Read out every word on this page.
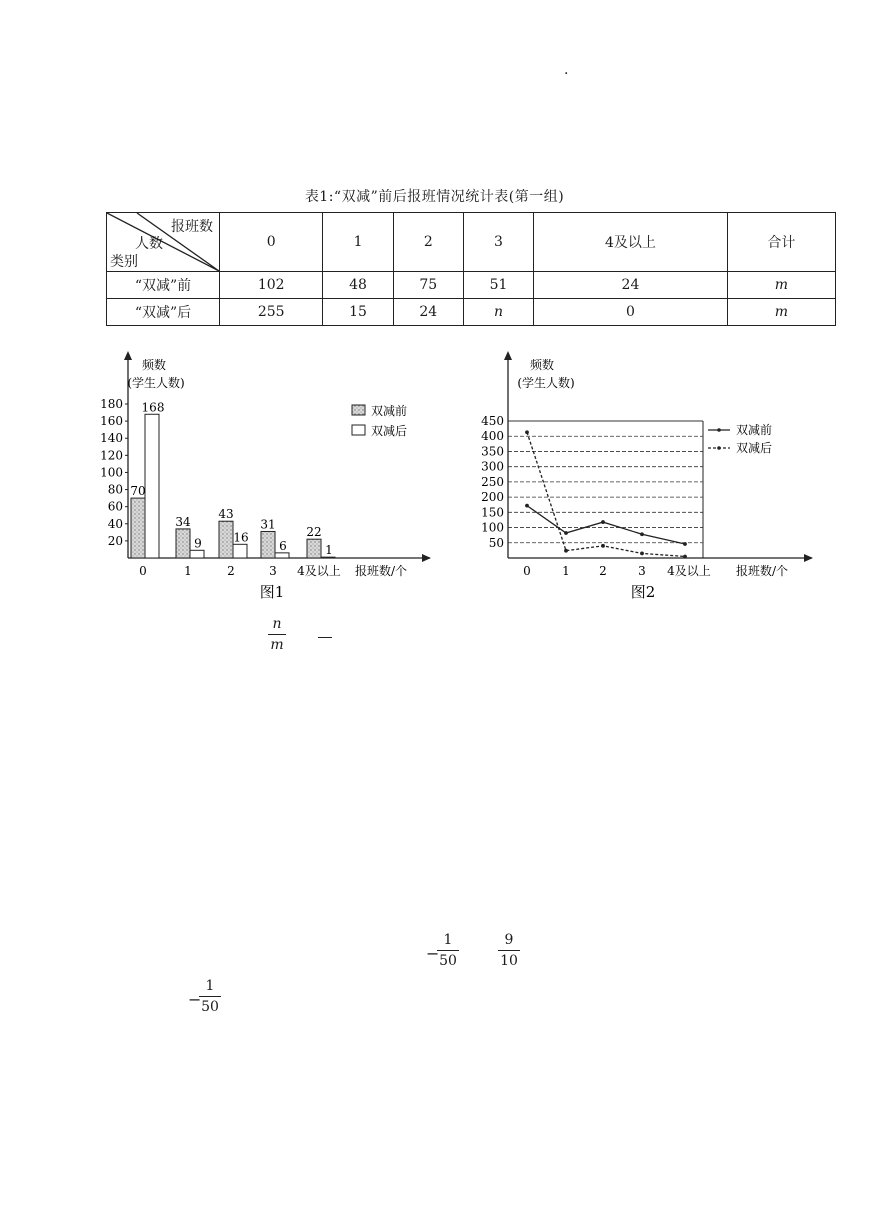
.
表1:“双减”前后报班情况统计表(第一组)
报班数
人数
类别	0	1	2	3	4及以上	合计
“双减”前	102	48	75	51	24	m
“双减”后	255	15	24	n	0	m
20
40
60
80
100
120
140
160
180
0	1	2	3 4及以上
70
168
34
9
43
16
31
6
22
1
频数
(学生人数)
报班数/个
双减前
双减后
图1
50
100
150
200
250
300
350
400
450
0	1 2	3 4及以上
频数
(学生人数)
报班数/个
双减前
双减后
图2
n
m
−
1
50
9
10
−
1
50
